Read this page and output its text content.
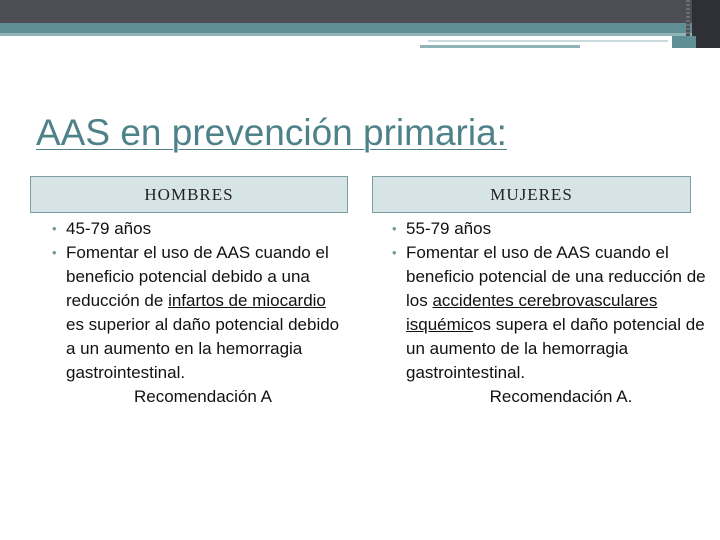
AAS en prevención primaria:
HOMBRES	MUJERES
• 45-79 años
• Fomentar el uso de AAS cuando el beneficio potencial debido a una reducción de infartos de miocardio es superior al daño potencial debido a un aumento en la hemorragia gastrointestinal.
Recomendación A
• 55-79 años
• Fomentar el uso de AAS cuando el beneficio potencial de una reducción de los accidentes cerebrovasculares isquémicos supera el daño potencial de un aumento de la hemorragia gastrointestinal.
Recomendación A.
